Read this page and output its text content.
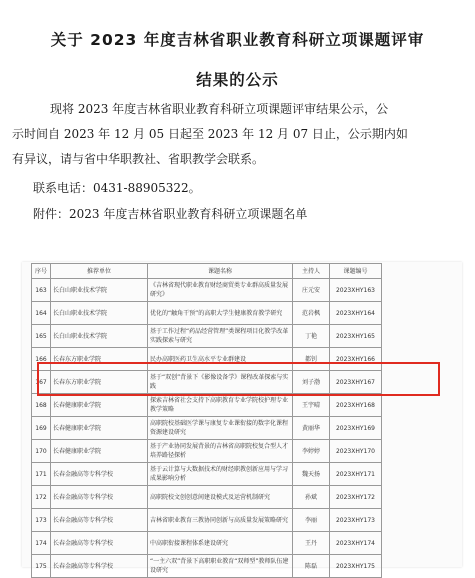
关于 2023 年度吉林省职业教育科研立项课题评审
结果的公示
现将 2023 年度吉林省职业教育科研立项课题评审结果公示，公
示时间自 2023 年 12 月 05 日起至 2023 年 12 月 07 日止，公示期内如
有异议，请与省中华职教社、省职教学会联系。
联系电话：0431-88905322。
附件：2023 年度吉林省职业教育科研立项课题名单
序号	推荐单位	课题名称	主持人	课题编号
163	长白山职业技术学院	《吉林省现代职业教育财经商贸类专业群高质量发展研究》	庄元安	2023XHY163
164	长白山职业技术学院	优化的“触角干预”的高职大学生健康教育教学研究	范岩枫	2023XHY164
165	长白山职业技术学院	基于工作过程“药品经营管理”类课程项目化教学改革实践探索与研究	丁艳	2023XHY165
166	长春东方职业学院	民办高职医药卫生高水平专业群建设	都钊	2023XHY166
167	长春东方职业学院	基于“双创”背景下《影像设备学》课程改革探索与实践	刘子渤	2023XHY167
168	长春健康职业学院	探索吉林省社会支持下高职教育专业学院校护理专业教学策略	王宇晴	2023XHY168
169	长春健康职业学院	高职院校基础医学课与康复专业课衔接的数字化课程资源建设研究	黄丽华	2023XHY169
170	长春健康职业学院	基于产业协同发展背景的吉林省高职院校复合型人才培养路径探析	李婷婷	2023XHY170
171	长春金融高等专科学校	基于云计算与大数据技术的财经职教创新应用与学习成果影响分析	魏天扬	2023XHY171
172	长春金融高等专科学校	高职院校文创创意间建设模式及运营机制研究	孙斌	2023XHY172
173	长春金融高等专科学校	吉林省职业教育三教协同创新与高质量发展策略研究	李丽	2023XHY173
174	长春金融高等专科学校	中高职衔接课程体系建设研究	王丹	2023XHY174
175	长春金融高等专科学校	“一主六双”背景下高职职业教育“双师型”教师队伍建设研究	陈磊	2023XHY175
